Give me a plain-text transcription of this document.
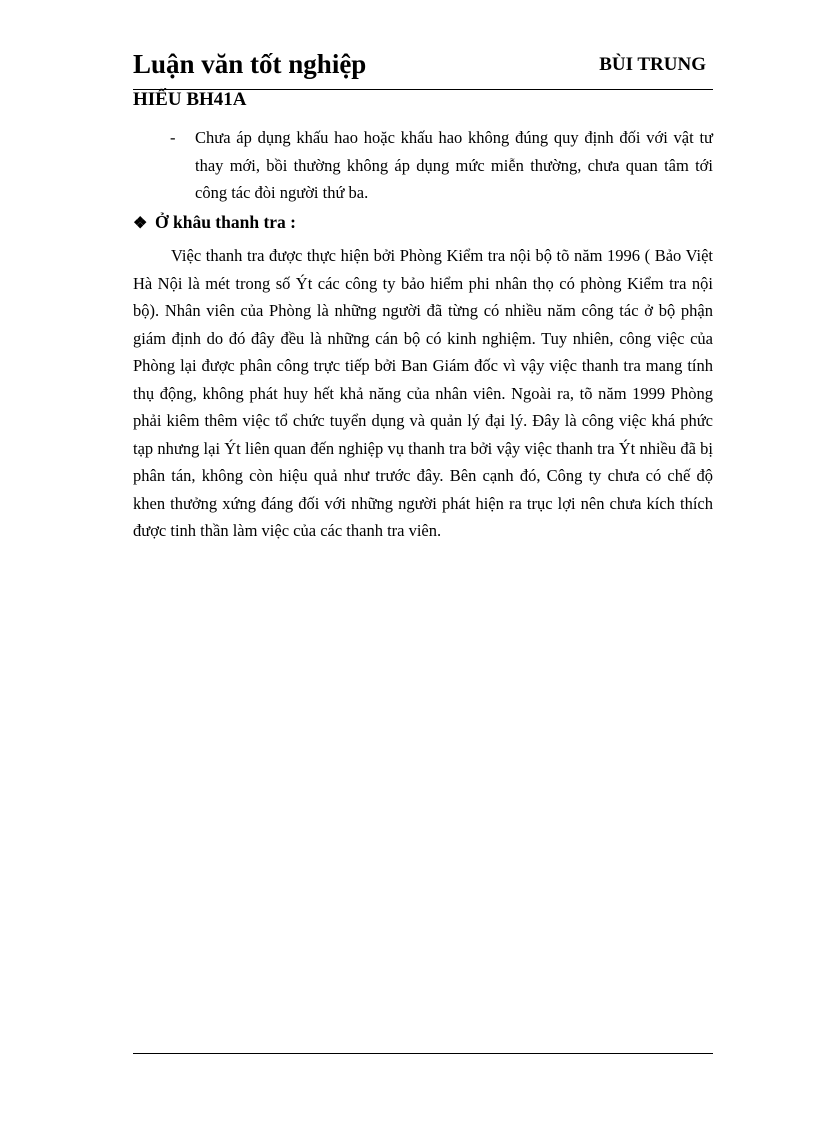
Luận văn tốt nghiệp	BÙI TRUNG
HIẾU BH41A
- Chưa áp dụng khấu hao hoặc khấu hao không đúng quy định đối với vật tư thay mới, bồi thường không áp dụng mức miễn thường, chưa quan tâm tới công tác đòi người thứ ba.
❖ Ở khâu thanh tra :
Việc thanh tra được thực hiện bởi Phòng Kiểm tra nội bộ tõ năm 1996 ( Bảo Việt Hà Nội là mét trong số Ýt các công ty bảo hiểm phi nhân thọ có phòng Kiểm tra nội bộ). Nhân viên của Phòng là những người đã từng có nhiều năm công tác ở bộ phận giám định do đó đây đều là những cán bộ có kinh nghiệm. Tuy nhiên, công việc của Phòng lại được phân công trực tiếp bởi Ban Giám đốc vì vậy việc thanh tra mang tính thụ động, không phát huy hết khả năng của nhân viên. Ngoài ra, tõ năm 1999 Phòng phải kiêm thêm việc tổ chức tuyển dụng và quản lý đại lý. Đây là công việc khá phức tạp nhưng lại Ýt liên quan đến nghiệp vụ thanh tra bởi vậy việc thanh tra Ýt nhiều đã bị phân tán, không còn hiệu quả như trước đây. Bên cạnh đó, Công ty chưa có chế độ khen thưởng xứng đáng đối với những người phát hiện ra trục lợi nên chưa kích thích được tinh thần làm việc của các thanh tra viên.
